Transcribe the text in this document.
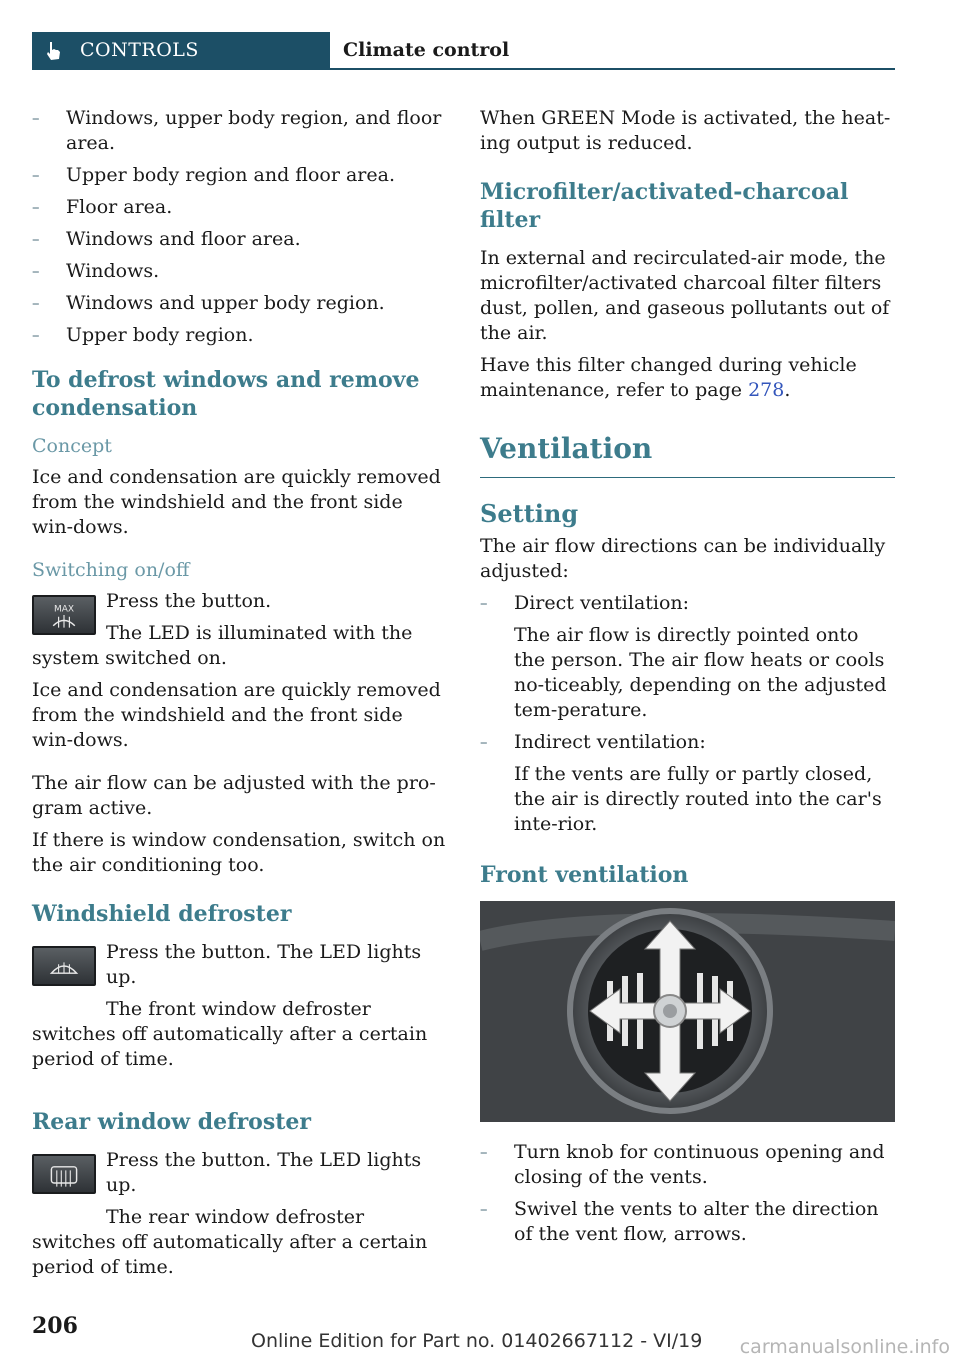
CONTROLS	Climate control
– Windows, upper body region, and floor area.
– Upper body region and floor area.
– Floor area.
– Windows and floor area.
– Windows.
– Windows and upper body region.
– Upper body region.
To defrost windows and remove condensation
Concept

Ice and condensation are quickly removed from the windshield and the front side win-dows.

Switching on/off
MAX	Press the button.

The LED is illuminated with the system switched on.

Ice and condensation are quickly removed from the windshield and the front side win-dows.

The air flow can be adjusted with the pro-gram active.

If there is window condensation, switch on the air conditioning too.

Windshield defroster

Press the button. The LED lights up.

The front window defroster switches off automatically after a certain period of time.

Rear window defroster

Press the button. The LED lights up.

The rear window defroster switches off automatically after a certain period of time.

When GREEN Mode is activated, the heat-ing output is reduced.

Microfilter/activated-charcoal filter

In external and recirculated-air mode, the microfilter/activated charcoal filter filters dust, pollen, and gaseous pollutants out of the air.

Have this filter changed during vehicle maintenance, refer to page 278.

Ventilation
Setting

The air flow directions can be individually adjusted:

– Direct ventilation:
The air flow is directly pointed onto the person. The air flow heats or cools no-ticeably, depending on the adjusted tem-perature.
– Indirect ventilation:
If the vents are fully or partly closed, the air is directly routed into the car's inte-rior.
Front ventilation
– Turn knob for continuous opening and closing of the vents.
– Swivel the vents to alter the direction of the vent flow, arrows.
206
Online Edition for Part no. 01402667112 - VI/19 carmanualsonline.info
